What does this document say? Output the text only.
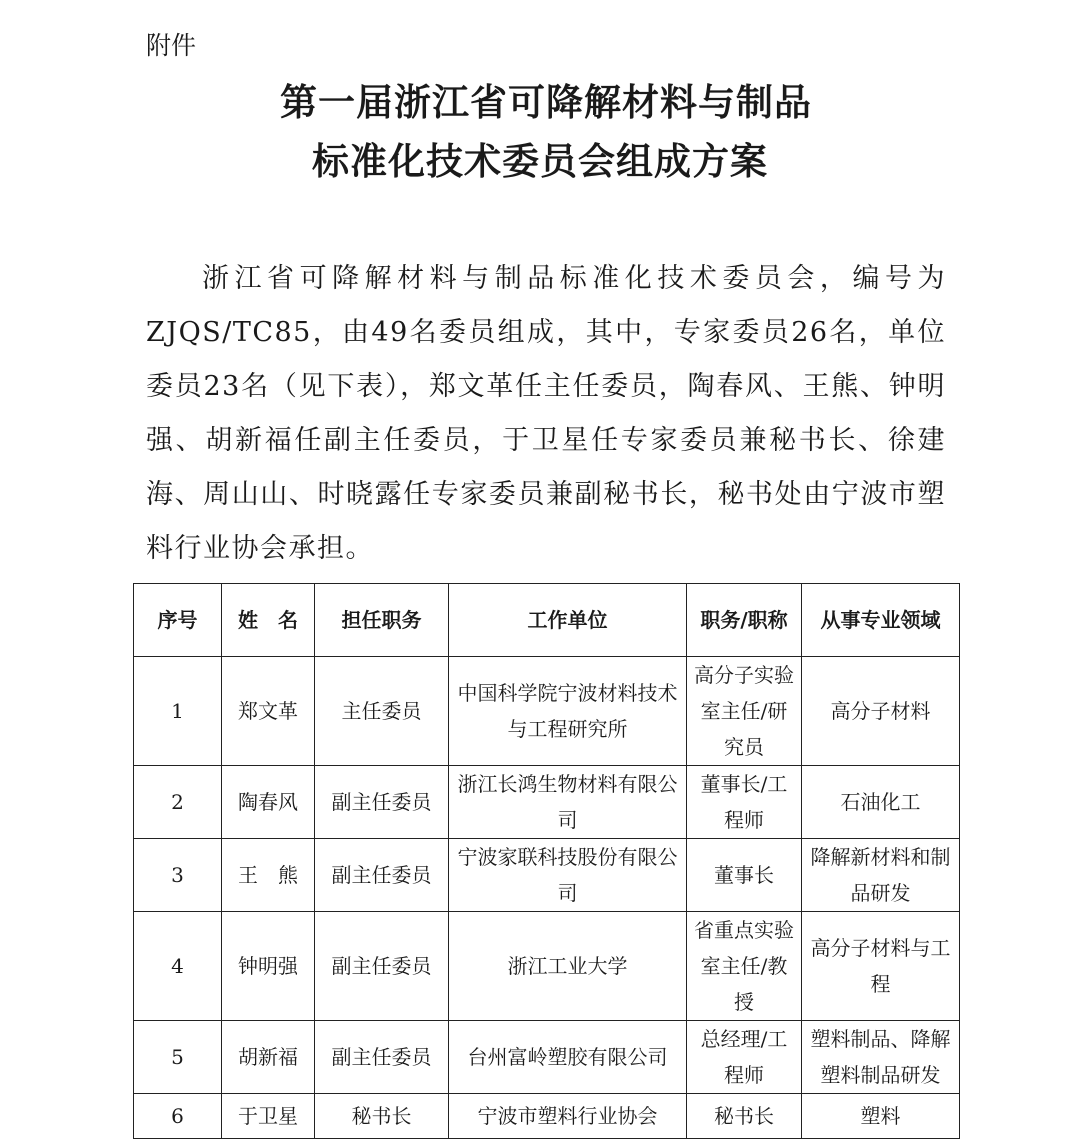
附件
第一届浙江省可降解材料与制品
标准化技术委员会组成方案

浙江省可降解材料与制品标准化技术委员会，编号为ZJQS/TC85，由49名委员组成，其中，专家委员26名，单位委员23名（见下表），郑文革任主任委员，陶春风、王熊、钟明强、胡新福任副主任委员，于卫星任专家委员兼秘书长、徐建海、周山山、时晓露任专家委员兼副秘书长，秘书处由宁波市塑料行业协会承担。

序号	姓　名	担任职务	工作单位	职务/职称	从事专业领域
1	郑文革	主任委员	中国科学院宁波材料技术与工程研究所	高分子实验室主任/研究员	高分子材料
2	陶春风	副主任委员	浙江长鸿生物材料有限公司	董事长/工程师	石油化工
3	王　熊	副主任委员	宁波家联科技股份有限公司	董事长	降解新材料和制品研发
4	钟明强	副主任委员	浙江工业大学	省重点实验室主任/教授	高分子材料与工程
5	胡新福	副主任委员	台州富岭塑胶有限公司	总经理/工程师	塑料制品、降解塑料制品研发
6	于卫星	秘书长	宁波市塑料行业协会	秘书长	塑料
